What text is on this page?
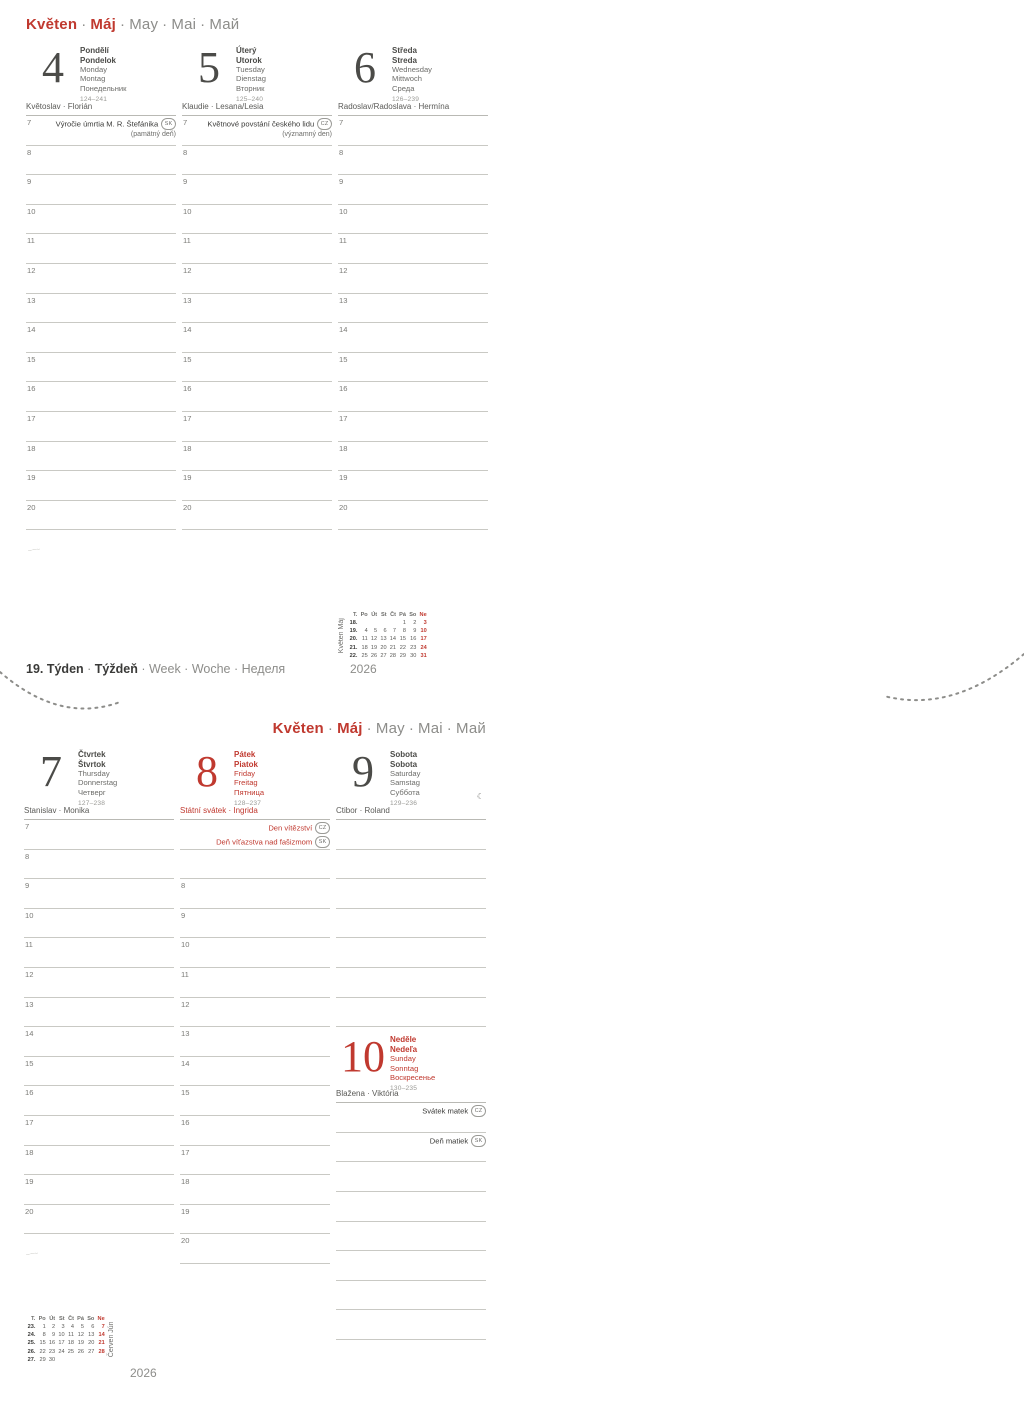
Květen · Máj · May · Mai · Май
4	Pondělí
Pondelok
Monday
Montag
Понедельник
124–241
Květoslav · Florián
7	Výročie úmrtia M. R. Štefánika SK
(pamätný deň)
8
9
10
11
12
13
14
15
16
17
18
19
20
~~~
5	Úterý
Utorok
Tuesday
Dienstag
Вторник
125–240
Klaudie · Lesana/Lesia
7	Květnové povstání českého lidu CZ
(významný den)
8
9
10
11
12
13
14
15
16
17
18
19
20
6	Středa
Streda
Wednesday
Mittwoch
Среда
126–239
Radoslav/Radoslava · Hermína
7
8
9
10
11
12
13
14
15
16
17
18
19
20
Květen Máj
T.	Po	Út	St	Čt	Pá	So	Ne
18.					1	2	3
19.	4	5	6	7	8	9	10
20.	11	12	13	14	15	16	17
21.	18	19	20	21	22	23	24
22.	25	26	27	28	29	30	31
19. Týden · Týždeň · Week · Woche · Неделя	2026
Květen · Máj · May · Mai · Май
7	Čtvrtek
Štvrtok
Thursday
Donnerstag
Четверг
127–238
Stanislav · Monika
7
8
9
10
11
12
13
14
15
16
17
18
19
20
~~~
8	Pátek
Piatok
Friday
Freitag
Пятница
128–237
Státní svátek · Ingrida
Den vítězství CZ
Deň víťazstva nad fašizmom SK
8
9
10
11
12
13
14
15
16
17
18
19
20
9	Sobota
Sobota
Saturday
Samstag
Суббота
129–236
☾
Ctibor · Roland
10 Neděle
Nedeľa
Sunday
Sonntag
Воскресенье
130–235
Blažena · Viktória
Svátek matek CZ
Deň matiek SK
T.	Po	Út	St	Čt	Pá	So	Ne
23.	1	2	3	4	5	6	7
24.	8	9	10	11	12	13	14
25.	15	16	17	18	19	20	21
26.	22	23	24	25	26	27	28
27.	29	30					
Červen Jún
2026
